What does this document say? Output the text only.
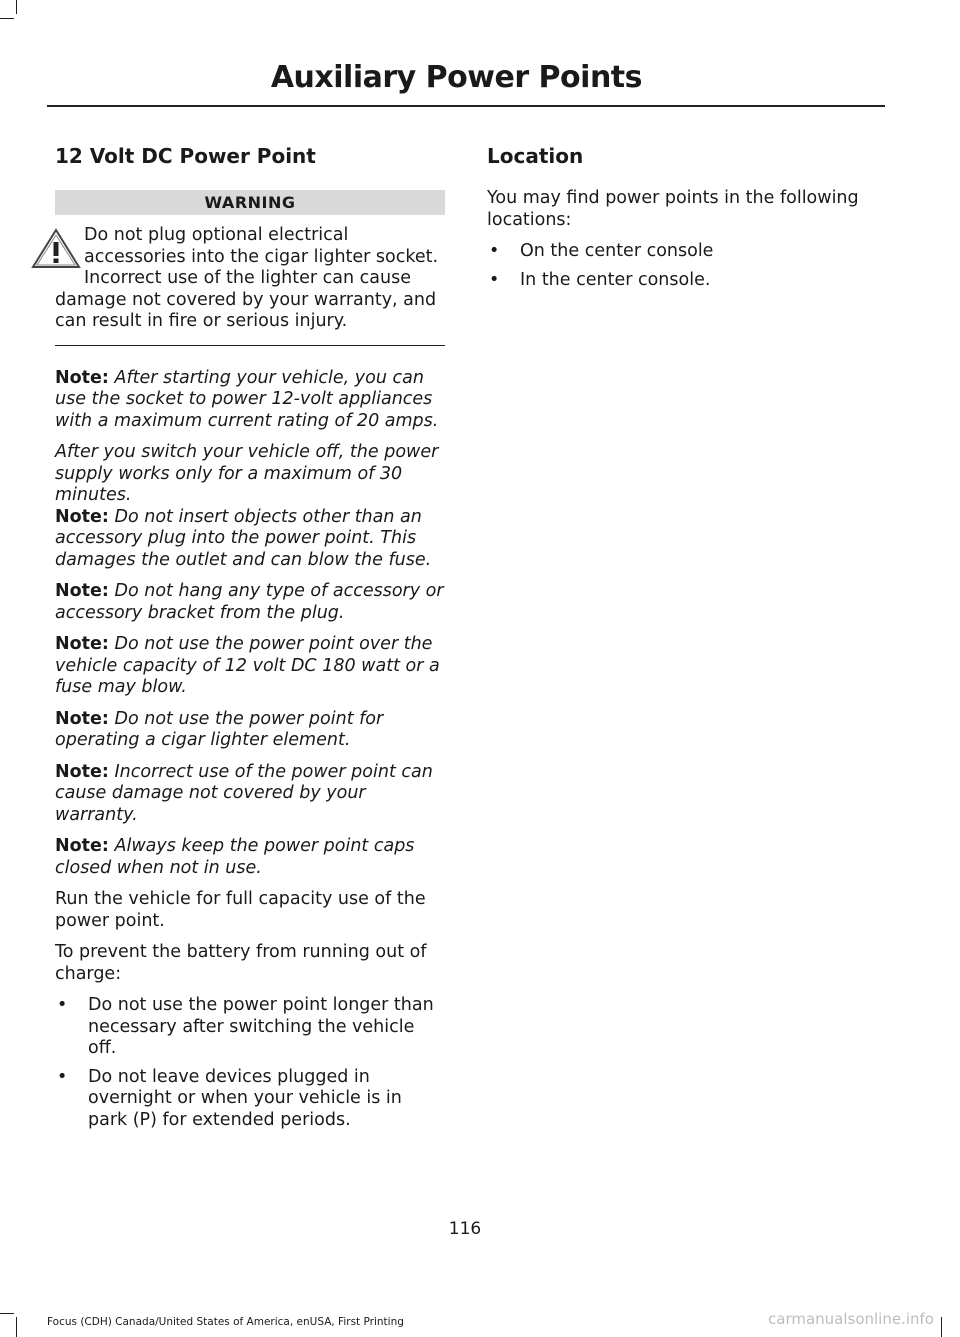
Auxiliary Power Points
12 Volt DC Power Point
WARNING
Do not plug optional electrical accessories into the cigar lighter socket. Incorrect use of the lighter can cause damage not covered by your warranty, and can result in fire or serious injury.

Note: After starting your vehicle, you can use the socket to power 12-volt appliances with a maximum current rating of 20 amps.

After you switch your vehicle off, the power supply works only for a maximum of 30 minutes.

Note: Do not insert objects other than an accessory plug into the power point. This damages the outlet and can blow the fuse.

Note: Do not hang any type of accessory or accessory bracket from the plug.

Note: Do not use the power point over the vehicle capacity of 12 volt DC 180 watt or a fuse may blow.

Note: Do not use the power point for operating a cigar lighter element.

Note: Incorrect use of the power point can cause damage not covered by your warranty.

Note: Always keep the power point caps closed when not in use.

Run the vehicle for full capacity use of the power point.

To prevent the battery from running out of charge:

• Do not use the power point longer than necessary after switching the vehicle off.
• Do not leave devices plugged in overnight or when your vehicle is in park (P) for extended periods.
Location

You may find power points in the following locations:

• On the center console
• In the center console.
116
Focus (CDH) Canada/United States of America, enUSA, First Printing	carmanualsonline.info
